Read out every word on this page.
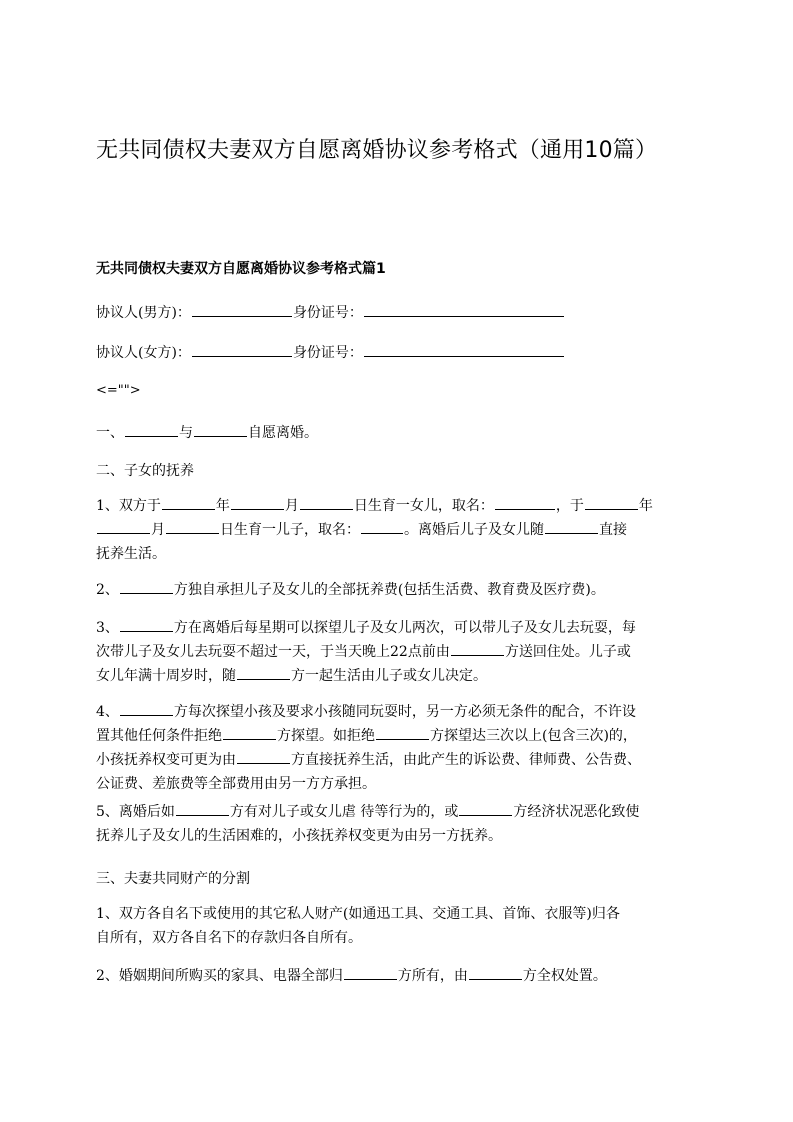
无共同债权夫妻双方自愿离婚协议参考格式（通用10篇）
无共同债权夫妻双方自愿离婚协议参考格式篇1
协议人(男方)：	身份证号：
协议人(女方)：	身份证号：
<="">
一、	与	自愿离婚。
二、子女的抚养
1、双方于	年	月	日生育一女儿，取名：	，于	年
月	日生育一儿子，取名：	。离婚后儿子及女儿随	直接
抚养生活。
2、	方独自承担儿子及女儿的全部抚养费(包括生活费、教育费及医疗费)。
3、	方在离婚后每星期可以探望儿子及女儿两次，可以带儿子及女儿去玩耍，每
次带儿子及女儿去玩耍不超过一天，于当天晚上22点前由	方送回住处。儿子或
女儿年满十周岁时，随	方一起生活由儿子或女儿决定。
4、	方每次探望小孩及要求小孩随同玩耍时，另一方必须无条件的配合，不许设
置其他任何条件拒绝	方探望。如拒绝	方探望达三次以上(包含三次)的，
小孩抚养权变可更为由	方直接抚养生活，由此产生的诉讼费、律师费、公告费、
公证费、差旅费等全部费用由另一方方承担。
5、离婚后如	方有对儿子或女儿虐 待等行为的，或	方经济状况恶化致使
抚养儿子及女儿的生活困难的，小孩抚养权变更为由另一方抚养。
三、夫妻共同财产的分割
1、双方各自名下或使用的其它私人财产(如通迅工具、交通工具、首饰、衣服等)归各
自所有，双方各自名下的存款归各自所有。
2、婚姻期间所购买的家具、电器全部归	方所有，由	方全权处置。
